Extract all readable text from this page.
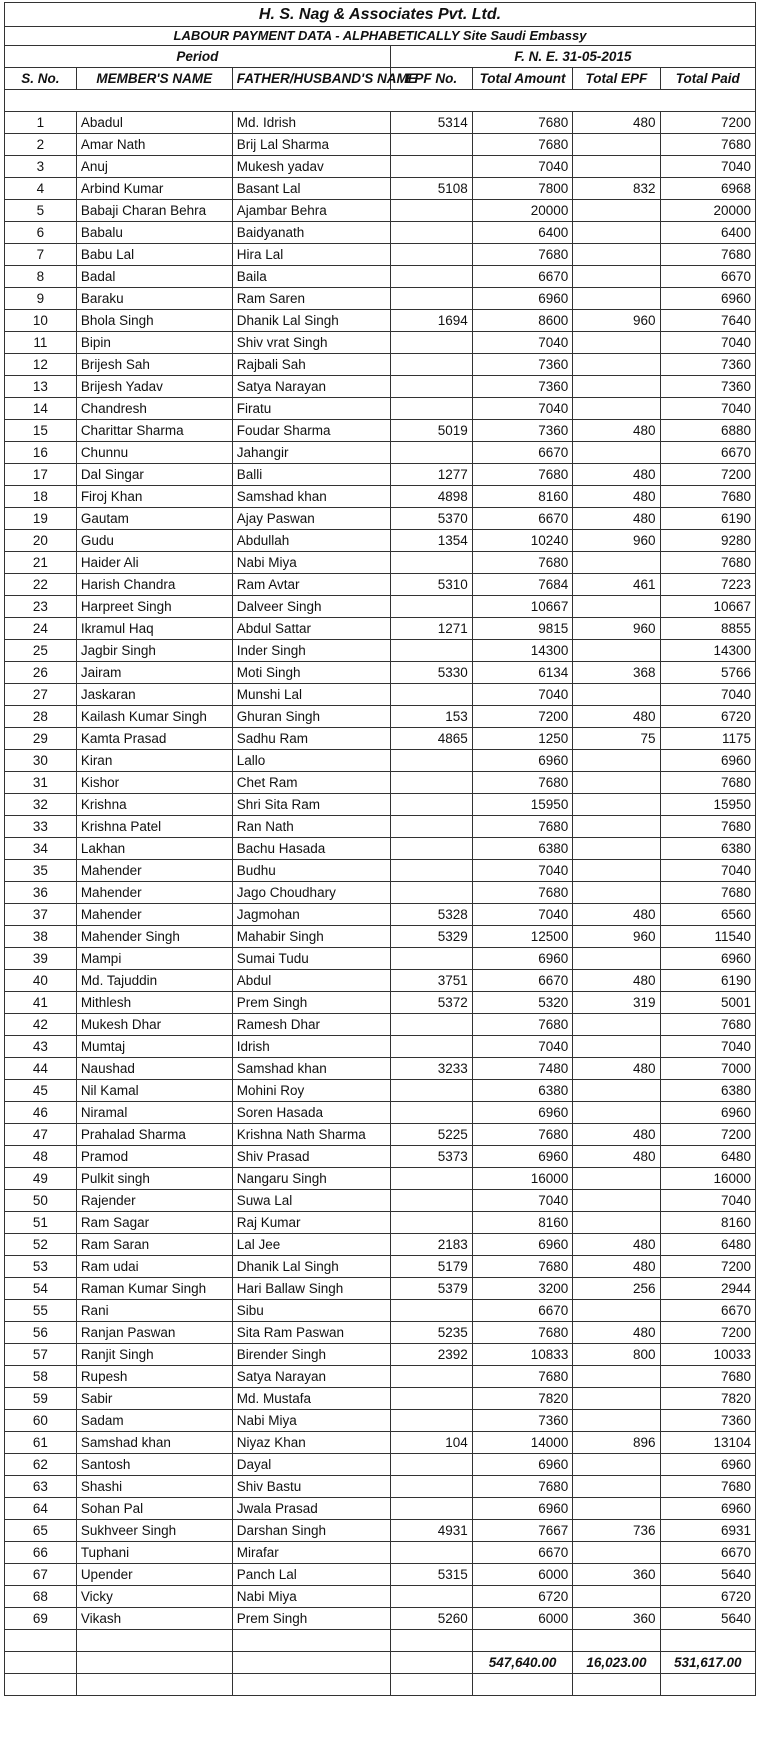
H. S. Nag & Associates Pvt. Ltd.						
LABOUR PAYMENT DATA - ALPHABETICALLY Site Saudi Embassy						
Period			F. N. E. 31-05-2015			
S. No.	MEMBER'S NAME	FATHER/HUSBAND'S NAME	EPF No.	Total Amount	Total EPF	Total Paid

1	Abadul	Md. Idrish	5314	7680	480	7200
2	Amar Nath	Brij Lal Sharma		7680		7680
3	Anuj	Mukesh yadav		7040		7040
4	Arbind Kumar	Basant Lal	5108	7800	832	6968
5	Babaji Charan Behra	Ajambar Behra		20000		20000
6	Babalu	Baidyanath		6400		6400
7	Babu Lal	Hira Lal		7680		7680
8	Badal	Baila		6670		6670
9	Baraku	Ram Saren		6960		6960
10	Bhola Singh	Dhanik Lal Singh	1694	8600	960	7640
11	Bipin	Shiv vrat Singh		7040		7040
12	Brijesh Sah	Rajbali Sah		7360		7360
13	Brijesh Yadav	Satya Narayan		7360		7360
14	Chandresh	Firatu		7040		7040
15	Charittar Sharma	Foudar Sharma	5019	7360	480	6880
16	Chunnu	Jahangir		6670		6670
17	Dal Singar	Balli	1277	7680	480	7200
18	Firoj Khan	Samshad khan	4898	8160	480	7680
19	Gautam	Ajay Paswan	5370	6670	480	6190
20	Gudu	Abdullah	1354	10240	960	9280
21	Haider Ali	Nabi Miya		7680		7680
22	Harish Chandra	Ram Avtar	5310	7684	461	7223
23	Harpreet Singh	Dalveer Singh		10667		10667
24	Ikramul Haq	Abdul Sattar	1271	9815	960	8855
25	Jagbir Singh	Inder Singh		14300		14300
26	Jairam	Moti Singh	5330	6134	368	5766
27	Jaskaran	Munshi Lal		7040		7040
28	Kailash Kumar Singh	Ghuran Singh	153	7200	480	6720
29	Kamta Prasad	Sadhu Ram	4865	1250	75	1175
30	Kiran	Lallo		6960		6960
31	Kishor	Chet Ram		7680		7680
32	Krishna	Shri Sita Ram		15950		15950
33	Krishna Patel	Ran Nath		7680		7680
34	Lakhan	Bachu Hasada		6380		6380
35	Mahender	Budhu		7040		7040
36	Mahender	Jago Choudhary		7680		7680
37	Mahender	Jagmohan	5328	7040	480	6560
38	Mahender Singh	Mahabir Singh	5329	12500	960	11540
39	Mampi	Sumai Tudu		6960		6960
40	Md. Tajuddin	Abdul	3751	6670	480	6190
41	Mithlesh	Prem Singh	5372	5320	319	5001
42	Mukesh Dhar	Ramesh Dhar		7680		7680
43	Mumtaj	Idrish		7040		7040
44	Naushad	Samshad khan	3233	7480	480	7000
45	Nil Kamal	Mohini Roy		6380		6380
46	Niramal	Soren Hasada		6960		6960
47	Prahalad Sharma	Krishna Nath Sharma	5225	7680	480	7200
48	Pramod	Shiv Prasad	5373	6960	480	6480
49	Pulkit singh	Nangaru Singh		16000		16000
50	Rajender	Suwa Lal		7040		7040
51	Ram Sagar	Raj Kumar		8160		8160
52	Ram Saran	Lal Jee	2183	6960	480	6480
53	Ram udai	Dhanik Lal Singh	5179	7680	480	7200
54	Raman Kumar Singh	Hari Ballaw Singh	5379	3200	256	2944
55	Rani	Sibu		6670		6670
56	Ranjan Paswan	Sita Ram Paswan	5235	7680	480	7200
57	Ranjit Singh	Birender Singh	2392	10833	800	10033
58	Rupesh	Satya Narayan		7680		7680
59	Sabir	Md. Mustafa		7820		7820
60	Sadam	Nabi Miya		7360		7360
61	Samshad khan	Niyaz Khan	104	14000	896	13104
62	Santosh	Dayal		6960		6960
63	Shashi	Shiv Bastu		7680		7680
64	Sohan Pal	Jwala Prasad		6960		6960
65	Sukhveer Singh	Darshan Singh	4931	7667	736	6931
66	Tuphani	Mirafar		6670		6670
67	Upender	Panch Lal	5315	6000	360	5640
68	Vicky	Nabi Miya		6720		6720
69	Vikash	Prem Singh	5260	6000	360	5640

				547,640.00	16,023.00	531,617.00
